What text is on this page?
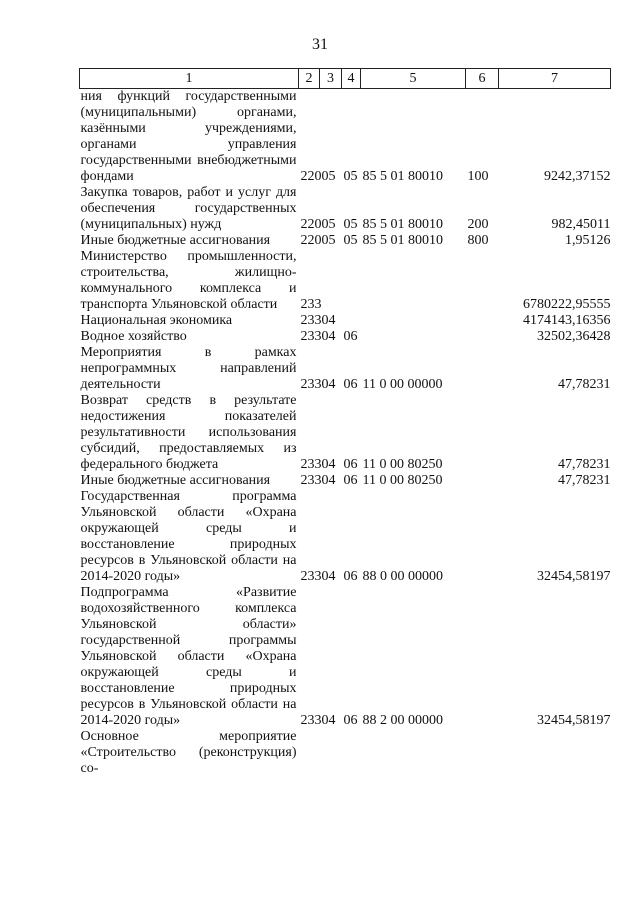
31
1	2	3	4	5	6	7
ния функций государственными (муниципальными) органами, казёнными учреждениями, органами управления государственными внебюджетными фондами	220	05	05	85 5 01 80010	100	9242,37152
Закупка товаров, работ и услуг для обеспечения государственных (муниципальных) нужд	220	05	05	85 5 01 80010	200	982,45011
Иные бюджетные ассигнования	220	05	05	85 5 01 80010	800	1,95126
Министерство промышленности, строительства, жилищно-коммунального комплекса и транспорта Ульяновской области	233					6780222,95555
Национальная экономика	233	04				4174143,16356
Водное хозяйство	233	04	06			32502,36428
Мероприятия в рамках непрограммных направлений деятельности	233	04	06	11 0 00 00000		47,78231
Возврат средств в результате недостижения показателей результативности использования субсидий, предоставляемых из федерального бюджета	233	04	06	11 0 00 80250		47,78231
Иные бюджетные ассигнования	233	04	06	11 0 00 80250		47,78231
Государственная программа Ульяновской области «Охрана окружающей среды и восстановление природных ресурсов в Ульяновской области на 2014-2020 годы»	233	04	06	88 0 00 00000		32454,58197
Подпрограмма «Развитие водохозяйственного комплекса Ульяновской области» государственной программы Ульяновской области «Охрана окружающей среды и восстановление природных ресурсов в Ульяновской области на 2014-2020 годы»	233	04	06	88 2 00 00000		32454,58197
Основное мероприятие «Строительство (реконструкция) со-						
